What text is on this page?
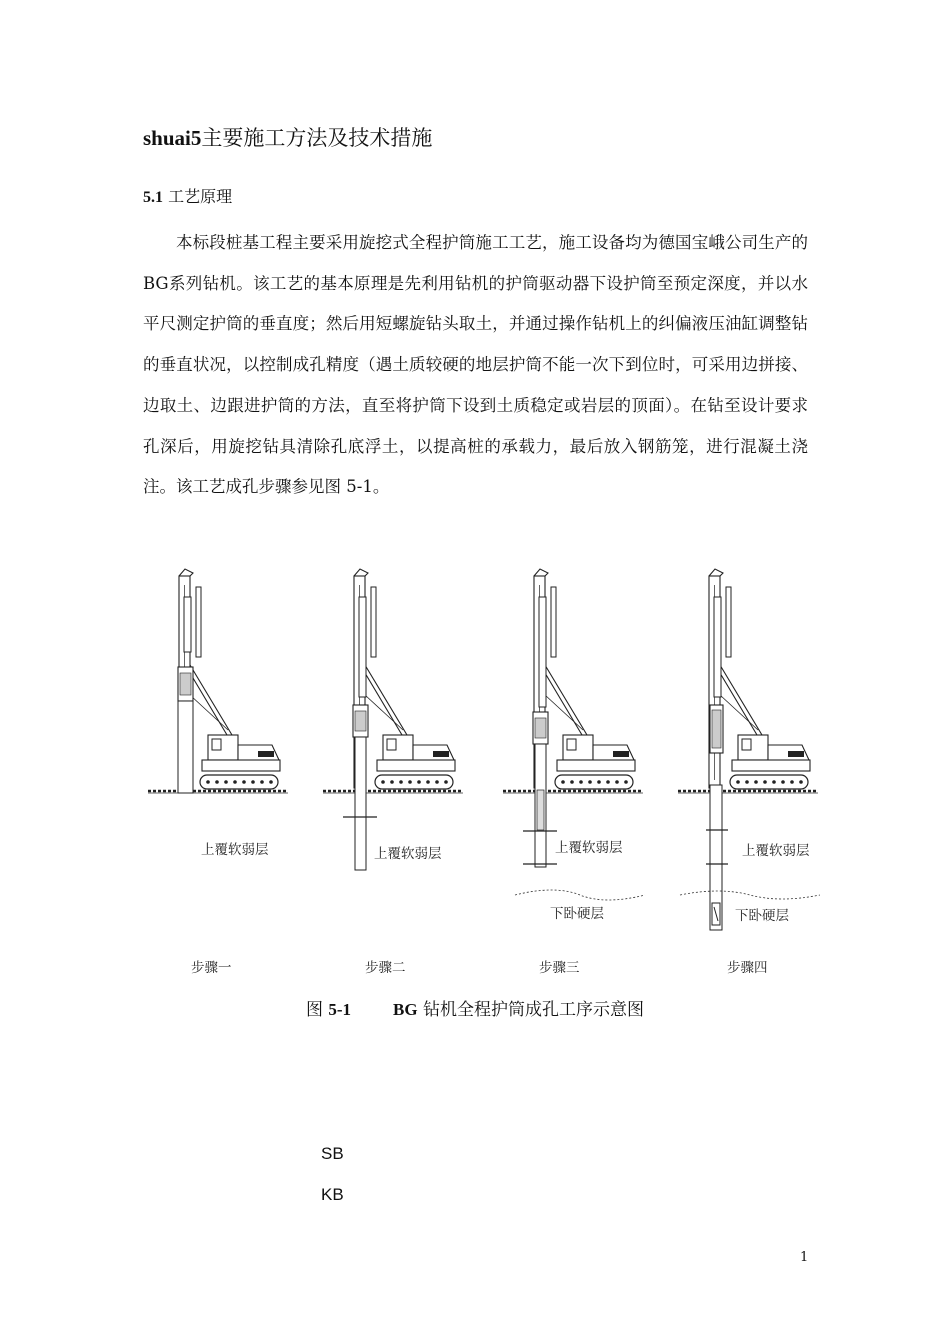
shuai5主要施工方法及技术措施
5.1 工艺原理

本标段桩基工程主要采用旋挖式全程护筒施工工艺，施工设备均为德国宝峨公司生产的BG系列钻机。该工艺的基本原理是先利用钻机的护筒驱动器下设护筒至预定深度，并以水平尺测定护筒的垂直度；然后用短螺旋钻头取土，并通过操作钻机上的纠偏液压油缸调整钻的垂直状况，以控制成孔精度（遇土质较硬的地层护筒不能一次下到位时，可采用边拼接、边取土、边跟进护筒的方法，直至将护筒下设到土质稳定或岩层的顶面）。在钻至设计要求孔深后，用旋挖钻具清除孔底浮土，以提高桩的承载力，最后放入钢筋笼，进行混凝土浇注。该工艺成孔步骤参见图 5-1。

上覆软弱层	上覆软弱层	上覆软弱层	上覆软弱层
下卧硬层	下卧硬层
步骤一	步骤二	步骤三	步骤四
图 5-1 BG 钻机全程护筒成孔工序示意图
SB
KB
1
